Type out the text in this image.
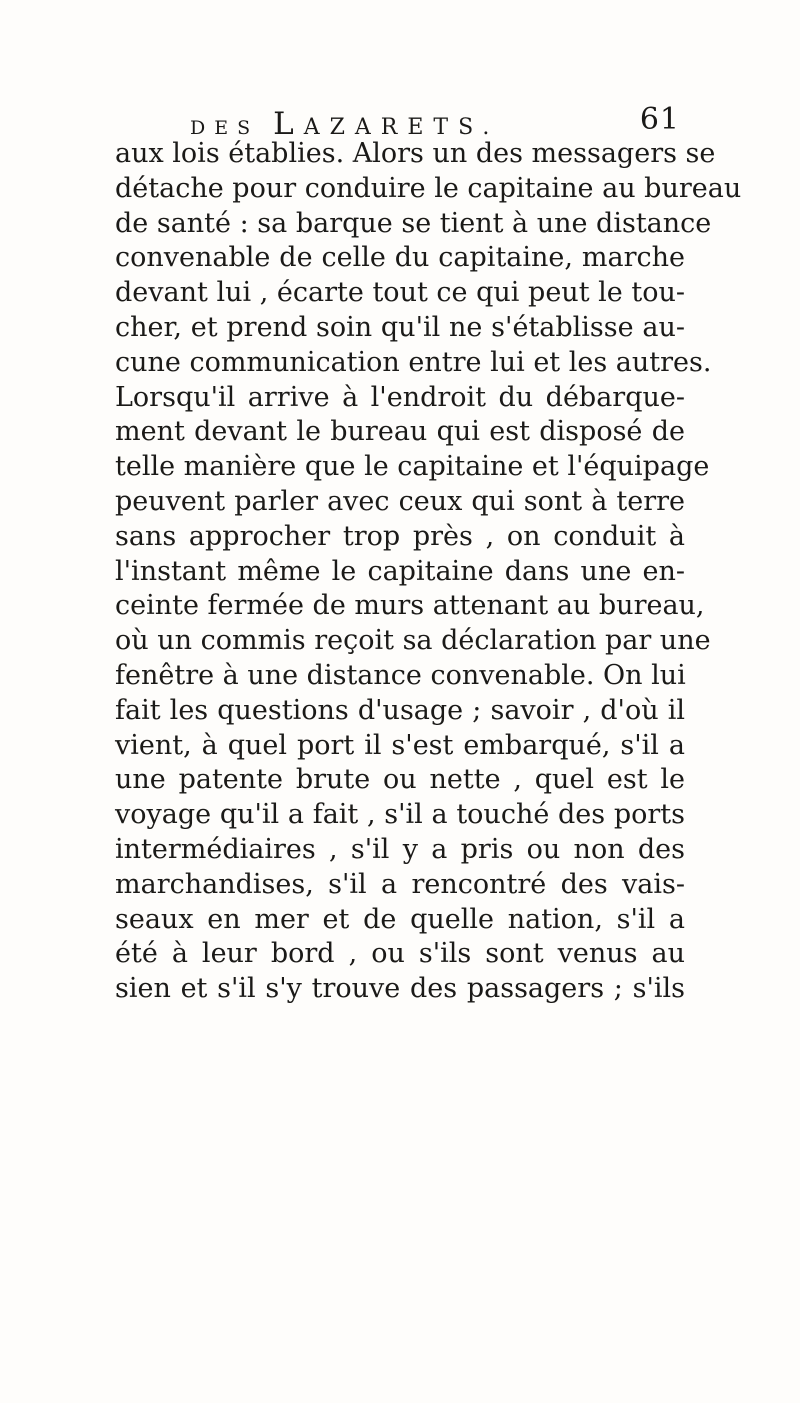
DES LAZARETS.	61
aux lois établies. Alors un des messagers se
détache pour conduire le capitaine au bureau
de santé : sa barque se tient à une distance
convenable de celle du capitaine, marche
devant lui , écarte tout ce qui peut le tou-
cher, et prend soin qu'il ne s'établisse au-
cune communication entre lui et les autres.
Lorsqu'il arrive à l'endroit du débarque-
ment devant le bureau qui est disposé de
telle manière que le capitaine et l'équipage
peuvent parler avec ceux qui sont à terre
sans approcher trop près , on conduit à
l'instant même le capitaine dans une en-
ceinte fermée de murs attenant au bureau,
où un commis reçoit sa déclaration par une
fenêtre à une distance convenable. On lui
fait les questions d'usage ; savoir , d'où il
vient, à quel port il s'est embarqué, s'il a
une patente brute ou nette , quel est le
voyage qu'il a fait , s'il a touché des ports
intermédiaires , s'il y a pris ou non des
marchandises, s'il a rencontré des vais-
seaux en mer et de quelle nation, s'il a
été à leur bord , ou s'ils sont venus au
sien et s'il s'y trouve des passagers ; s'ils
